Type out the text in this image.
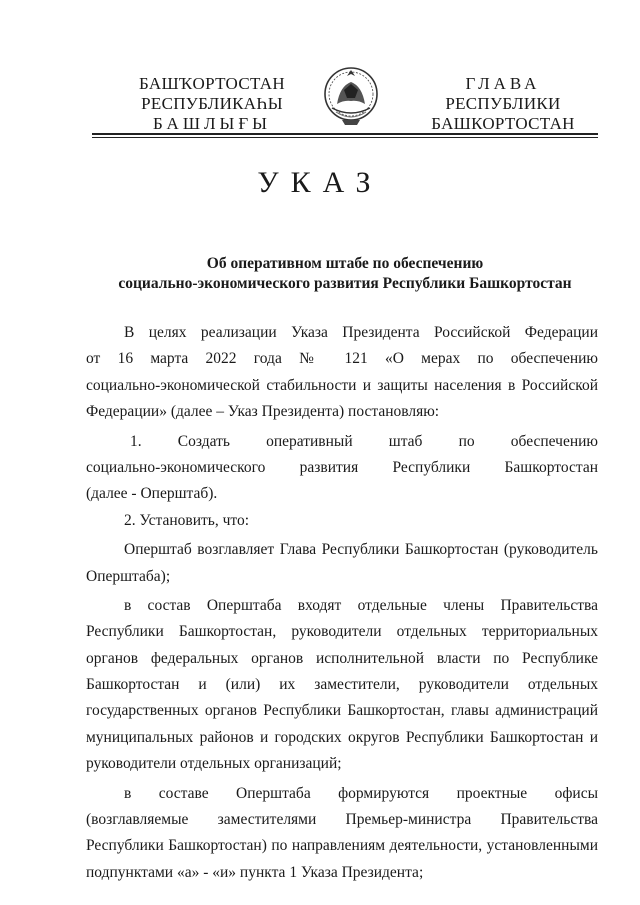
БАШҠОРТОСТАН
РЕСПУБЛИКАҺЫ
БАШЛЫҒЫ
ГЛАВА
РЕСПУБЛИКИ
БАШКОРТОСТАН
УКАЗ
Об оперативном штабе по обеспечению
социально-экономического развития Республики Башкортостан
В целях реализации Указа Президента Российской Федерации
от 16 марта 2022 года № 121 «О мерах по обеспечению
социально-экономической стабильности и защиты населения в Российской
Федерации» (далее – Указ Президента) постановляю:
1. Создать оперативный штаб по обеспечению
социально-экономического развития Республики Башкортостан
(далее - Оперштаб).
2. Установить, что:
Оперштаб возглавляет Глава Республики Башкортостан (руководитель
Оперштаба);
в состав Оперштаба входят отдельные члены Правительства
Республики Башкортостан, руководители отдельных территориальных
органов федеральных органов исполнительной власти по Республике
Башкортостан и (или) их заместители, руководители отдельных
государственных органов Республики Башкортостан, главы администраций
муниципальных районов и городских округов Республики Башкортостан и
руководители отдельных организаций;
в составе Оперштаба формируются проектные офисы
(возглавляемые заместителями Премьер-министра Правительства
Республики Башкортостан) по направлениям деятельности, установленными
подпунктами «а» - «и» пункта 1 Указа Президента;
